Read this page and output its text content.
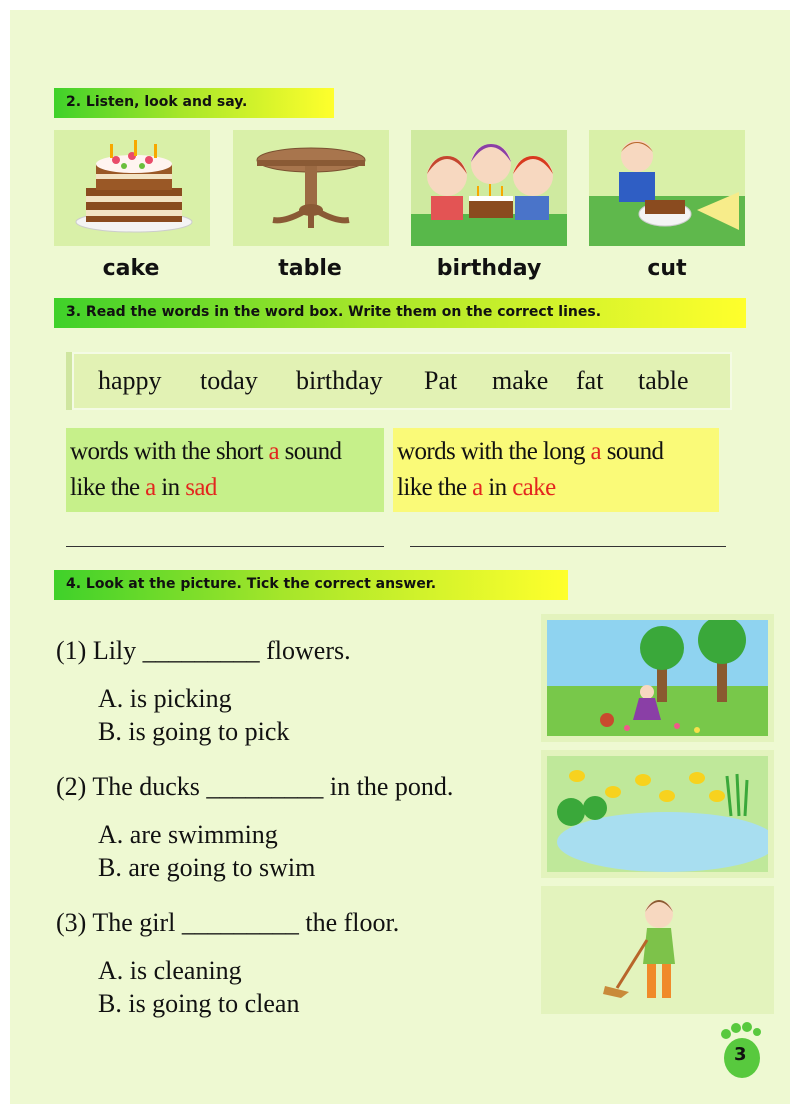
2. Listen, look and say.
cake	table	birthday	cut
3. Read the words in the word box. Write them on the correct lines.
happy today birthday Pat make fat table
words with the short a sound
like the a in sad
words with the long a sound
like the a in cake
4. Look at the picture. Tick the correct answer.
(1) Lily _________ flowers.
A. is picking
B. is going to pick
(2) The ducks _________ in the pond.
A. are swimming
B. are going to swim
(3) The girl _________ the floor.
A. is cleaning
B. is going to clean
3
